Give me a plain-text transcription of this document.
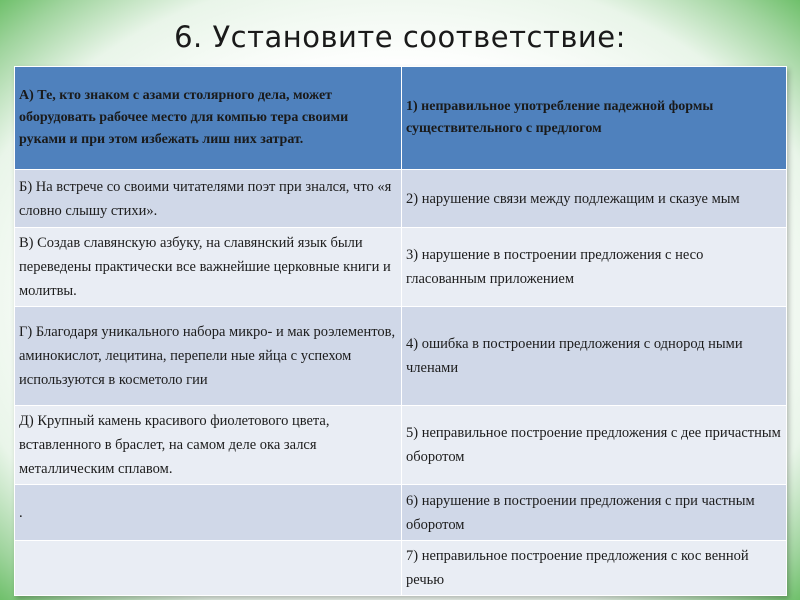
6. Установите соответствие:
А) Те, кто знаком с азами столярного дела, может оборудовать рабочее место для компью тера своими руками и при этом избежать лиш них затрат.	1) неправильное употребление падежной формы существительного с предлогом
Б) На встрече со своими читателями поэт при знался, что «я словно слышу стихи».	2) нарушение связи между подлежащим и сказуе мым
В) Создав славянскую азбуку, на славянский язык были переведены практически все важнейшие церковные книги и молитвы.	3) нарушение в построении предложения с несо гласованным приложением
Г) Благодаря уникального набора микро- и мак роэлементов, аминокислот, лецитина, перепели ные яйца с успехом используются в косметоло гии	4) ошибка в построении предложения с однород ными членами
Д) Крупный камень красивого фиолетового цвета, вставленного в браслет, на самом деле ока зался металлическим сплавом.	5) неправильное построение предложения с дее причастным оборотом
.	6) нарушение в построении предложения с при частным оборотом
	7) неправильное построение предложения с кос венной речью
